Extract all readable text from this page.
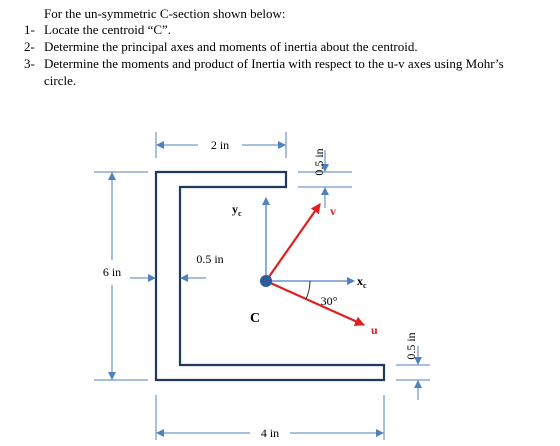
For the un-symmetric C-section shown below:
1- Locate the centroid “C”.
2- Determine the principal axes and moments of inertia about the centroid.
3- Determine the moments and product of Inertia with respect to the u-v axes using Mohr’s
circle.
2 in
0.5 in
6 in
0.5 in
4 in
0.5 in
C
$y_c$
$x_c$
v
u
30°
